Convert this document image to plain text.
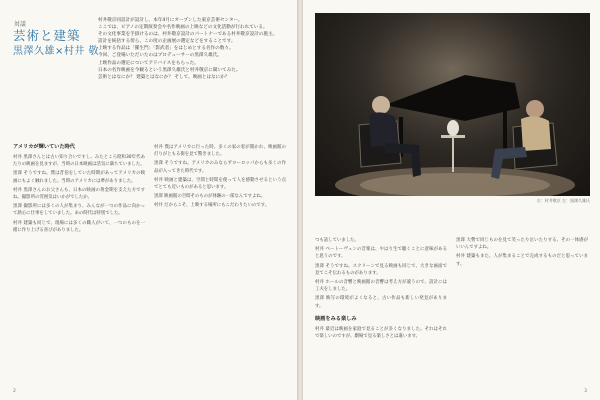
対談
芸術と建築
黒澤久雄×村井 敬
村井敬京同設計が設計し、本年4月にオープンした東京芸術センター。
ここでは、ピアノの定期演奏会や名作映画の上映などの文化活動が行われている。
その文化事業を手掛けるのは、村井敬京設計のパートナーである村井敬京設計の施主。
設計を統括する傍ら、この度の企画展の選定などをすることです。
上映する作品は「羅生門」「影武者」をはじめとする名作の数々。
今回、ご登場いただいたのはプロデューサーの黒澤久雄氏。
上映作品の選定についてアドバイスをもらった。
日本の名作映画を今観るという黒澤久雄氏と村井敬京に聞いてみた。
芸術とはなにか？ 建築とはなにか？ そして、映画とはなにか？
アメリカが輝いていた時代

村井 黒澤さんとは古い知り合いですし、みたところ昭和30年代あたりの映画を見ますが、当時の日本映画は活気に満ちていました。

黒澤 そうですね。僕は昔伯をしていた時期があってアメリカの映画にもよく触れました。当時のアメリカには夢がありました。

村井 黒澤さんのお父さんも、日本の映画の黄金期を支えた方ですね。撮影所の雰囲気はいかがでしたか。

黒澤 撮影所には多くの人が集まり、みんなが一つの作品に向かって熱心に仕事をしていました。あの時代は特別でした。

村井 建築も同じで、現場には多くの職人がいて、一つのものを一緒に作り上げる喜びがありました。

村井 僕はアメリカに行った時、多くの家の窓が開かれ、映画館の灯りがともる街を見て驚きました。

黒澤 そうですね。アメリカのみならずヨーロッパからも多くの作品が入ってきた時代です。

村井 映画と建築は、空間と時間を使って人を感動させるという点でとても近いものがあると思います。

黒澤 映画館の空間そのものが体験の一部なんですよね。

村井 だからこそ、上映する場所にもこだわりたいのです。

2
右：村井敬京 左：黒澤久雄氏

つも話していました。

村井 ベートーヴェンの音楽は、やはり生で聴くことに意味があると思うのです。

黒澤 そうですね。スクリーンで見る映画も同じで、大きな画面で見てこそ伝わるものがあります。

村井 ホールの音響と映画館の音響は考え方が違うので、設計には工夫をしました。

黒澤 映写の環境がよくなると、古い作品も新しい発見があります。

映画をみる楽しみ

村井 最近は映画を家庭で見ることが多くなりました。それはそれで楽しいのですが、劇場で見る楽しさとは違います。

黒澤 大勢で同じものを見て笑ったり泣いたりする、その一体感がいいんですよね。

村井 建築もまた、人が集まることで完成するものだと思っています。

3
